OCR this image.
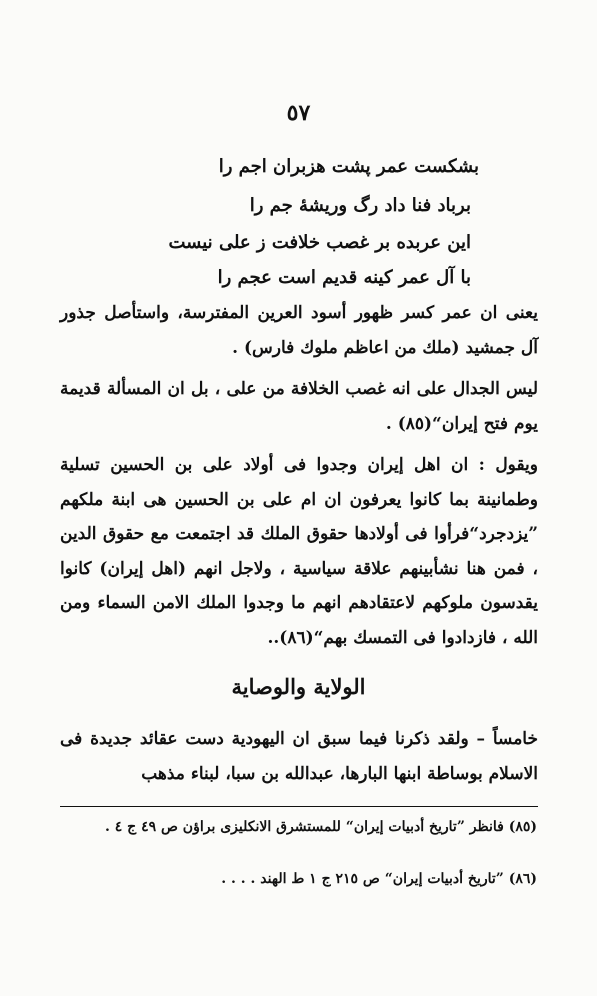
٥٧
بشكست عمر پشت هزبران اجم را
برباد فنا داد رگ وريشهٔ جم را
اين عربده بر غصب خلافت ز على نيست
با آل عمر كينه قديم است عجم را
يعنى ان عمر كسر ظهور أسود العرين المفترسة، واستأصل جذور آل جمشيد (ملك من اعاظم ملوك فارس) .
ليس الجدال على انه غصب الخلافة من على ، بل ان المسألة قديمة يوم فتح إيران“(٨٥) .
ويقول : ان اهل إيران وجدوا فى أولاد على بن الحسين تسلية وطمانينة بما كانوا يعرفون ان ام على بن الحسين هى ابنة ملكهم ”يزدجرد“فرأوا فى أولادها حقوق الملك قد اجتمعت مع حقوق الدين ، فمن هنا نشأبينهم علاقة سياسية ، ولاجل انهم (اهل إيران) كانوا يقدسون ملوكهم لاعتقادهم انهم ما وجدوا الملك الامن السماء ومن الله ، فازدادوا فى التمسك بهم“(٨٦)..
الولاية والوصاية
خامساً – ولقد ذكرنا فيما سبق ان اليهودية دست عقائد جديدة فى الاسلام بوساطة ابنها البارها، عبدالله بن سبا، لبناء مذهب
(٨٥) فانظر ”تاريخ أدبيات إيران“ للمستشرق الانكليزى براؤن ص ٤٩ ج ٤ .
(٨٦) ”تاريخ أدبيات إيران“ ص ٢١٥ ج ١ ط الهند . . . .
